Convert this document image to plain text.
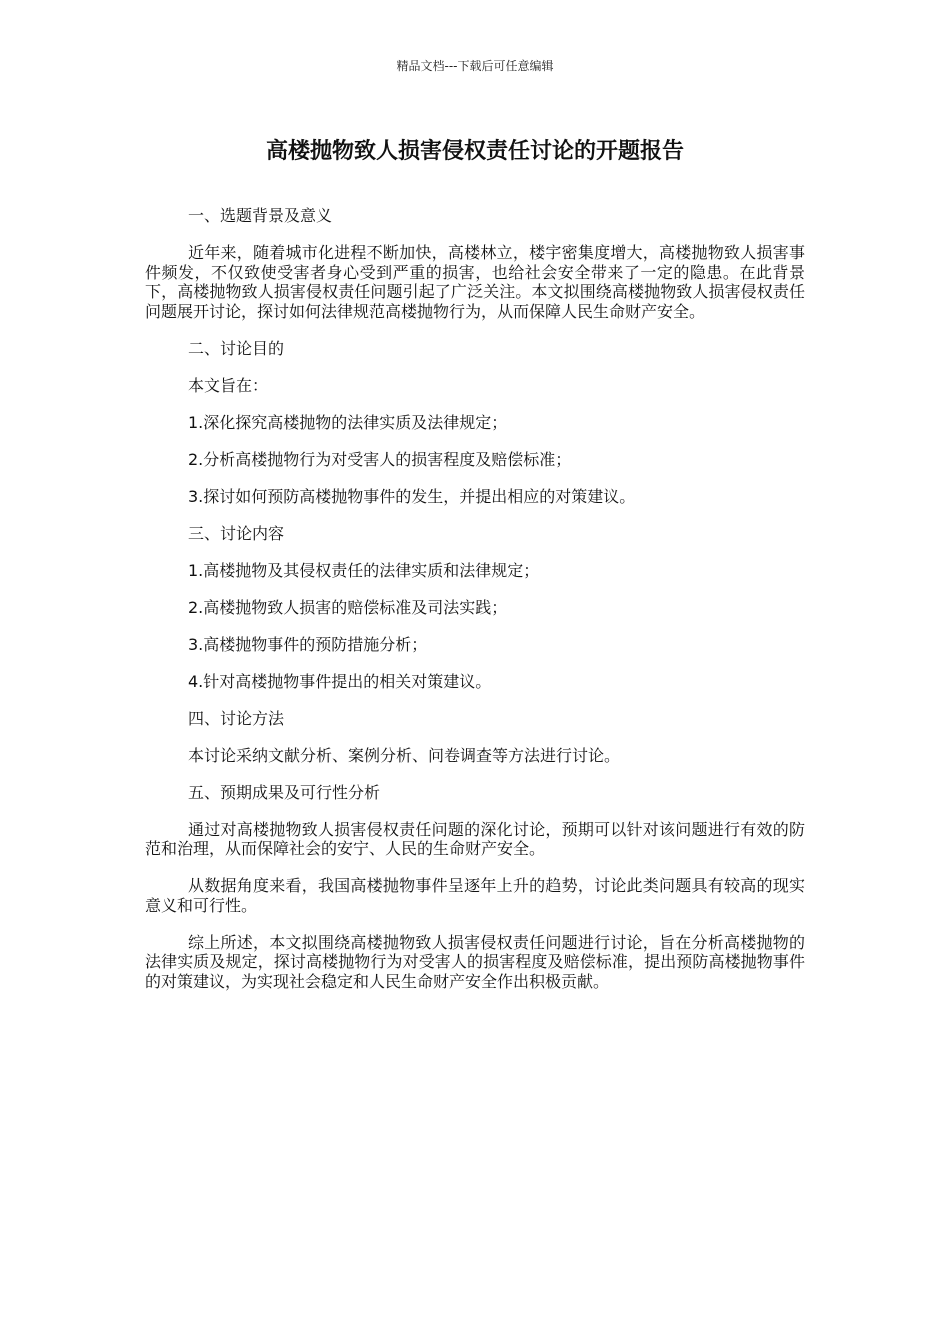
精品文档---下载后可任意编辑
高楼抛物致人损害侵权责任讨论的开题报告

一、选题背景及意义

近年来，随着城市化进程不断加快，高楼林立，楼宇密集度增大，高楼抛物致人损害事件频发，不仅致使受害者身心受到严重的损害，也给社会安全带来了一定的隐患。在此背景下，高楼抛物致人损害侵权责任问题引起了广泛关注。本文拟围绕高楼抛物致人损害侵权责任问题展开讨论，探讨如何法律规范高楼抛物行为，从而保障人民生命财产安全。

二、讨论目的

本文旨在：

1.深化探究高楼抛物的法律实质及法律规定；

2.分析高楼抛物行为对受害人的损害程度及赔偿标准；

3.探讨如何预防高楼抛物事件的发生，并提出相应的对策建议。

三、讨论内容

1.高楼抛物及其侵权责任的法律实质和法律规定；

2.高楼抛物致人损害的赔偿标准及司法实践；

3.高楼抛物事件的预防措施分析；

4.针对高楼抛物事件提出的相关对策建议。

四、讨论方法

本讨论采纳文献分析、案例分析、问卷调查等方法进行讨论。

五、预期成果及可行性分析

通过对高楼抛物致人损害侵权责任问题的深化讨论，预期可以针对该问题进行有效的防范和治理，从而保障社会的安宁、人民的生命财产安全。

从数据角度来看，我国高楼抛物事件呈逐年上升的趋势，讨论此类问题具有较高的现实意义和可行性。

综上所述，本文拟围绕高楼抛物致人损害侵权责任问题进行讨论，旨在分析高楼抛物的法律实质及规定，探讨高楼抛物行为对受害人的损害程度及赔偿标准，提出预防高楼抛物事件的对策建议，为实现社会稳定和人民生命财产安全作出积极贡献。
